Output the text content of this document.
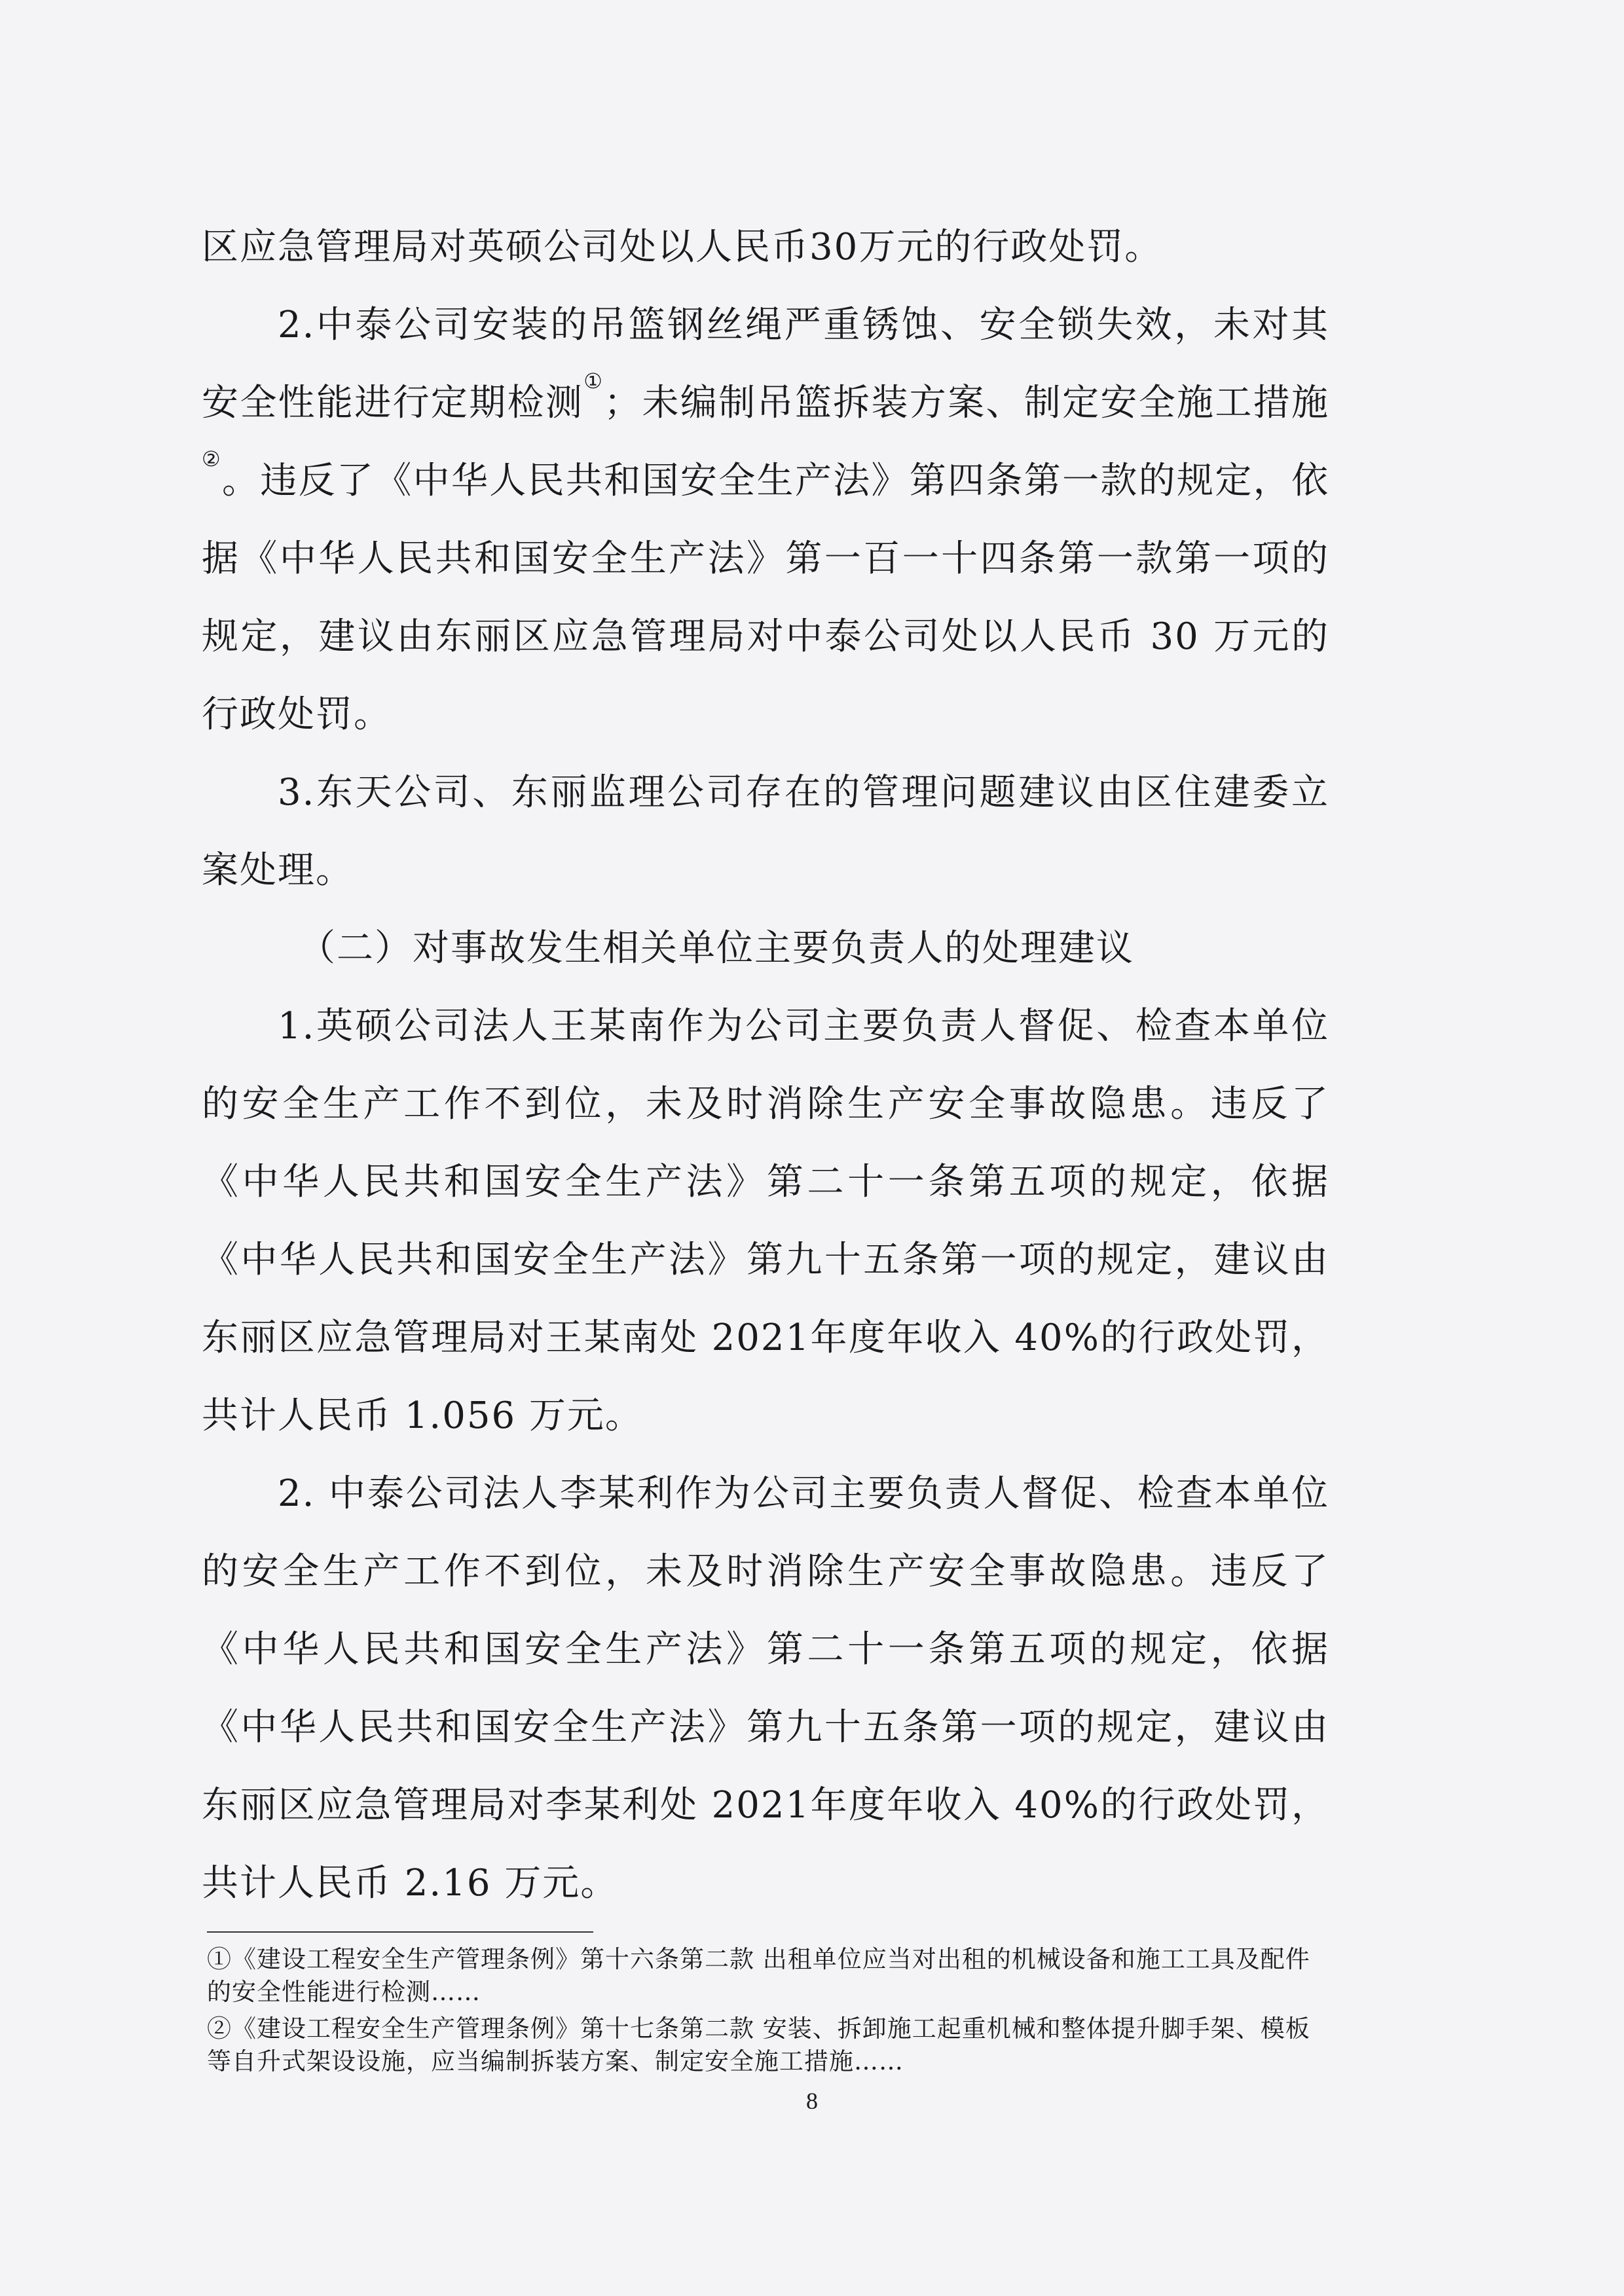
区应急管理局对英硕公司处以人民币30万元的行政处罚。

2.中泰公司安装的吊篮钢丝绳严重锈蚀、安全锁失效，未对其安全性能进行定期检测①；未编制吊篮拆装方案、制定安全施工措施②。违反了《中华人民共和国安全生产法》第四条第一款的规定，依据《中华人民共和国安全生产法》第一百一十四条第一款第一项的规定，建议由东丽区应急管理局对中泰公司处以人民币 30 万元的行政处罚。

3.东天公司、东丽监理公司存在的管理问题建议由区住建委立案处理。

（二）对事故发生相关单位主要负责人的处理建议

1.英硕公司法人王某南作为公司主要负责人督促、检查本单位的安全生产工作不到位，未及时消除生产安全事故隐患。违反了《中华人民共和国安全生产法》第二十一条第五项的规定，依据《中华人民共和国安全生产法》第九十五条第一项的规定，建议由东丽区应急管理局对王某南处 2021年度年收入 40%的行政处罚，共计人民币 1.056 万元。

2. 中泰公司法人李某利作为公司主要负责人督促、检查本单位的安全生产工作不到位，未及时消除生产安全事故隐患。违反了《中华人民共和国安全生产法》第二十一条第五项的规定，依据《中华人民共和国安全生产法》第九十五条第一项的规定，建议由东丽区应急管理局对李某利处 2021年度年收入 40%的行政处罚，共计人民币 2.16 万元。

①《建设工程安全生产管理条例》第十六条第二款 出租单位应当对出租的机械设备和施工工具及配件的安全性能进行检测……

②《建设工程安全生产管理条例》第十七条第二款 安装、拆卸施工起重机械和整体提升脚手架、模板等自升式架设设施，应当编制拆装方案、制定安全施工措施……

8
